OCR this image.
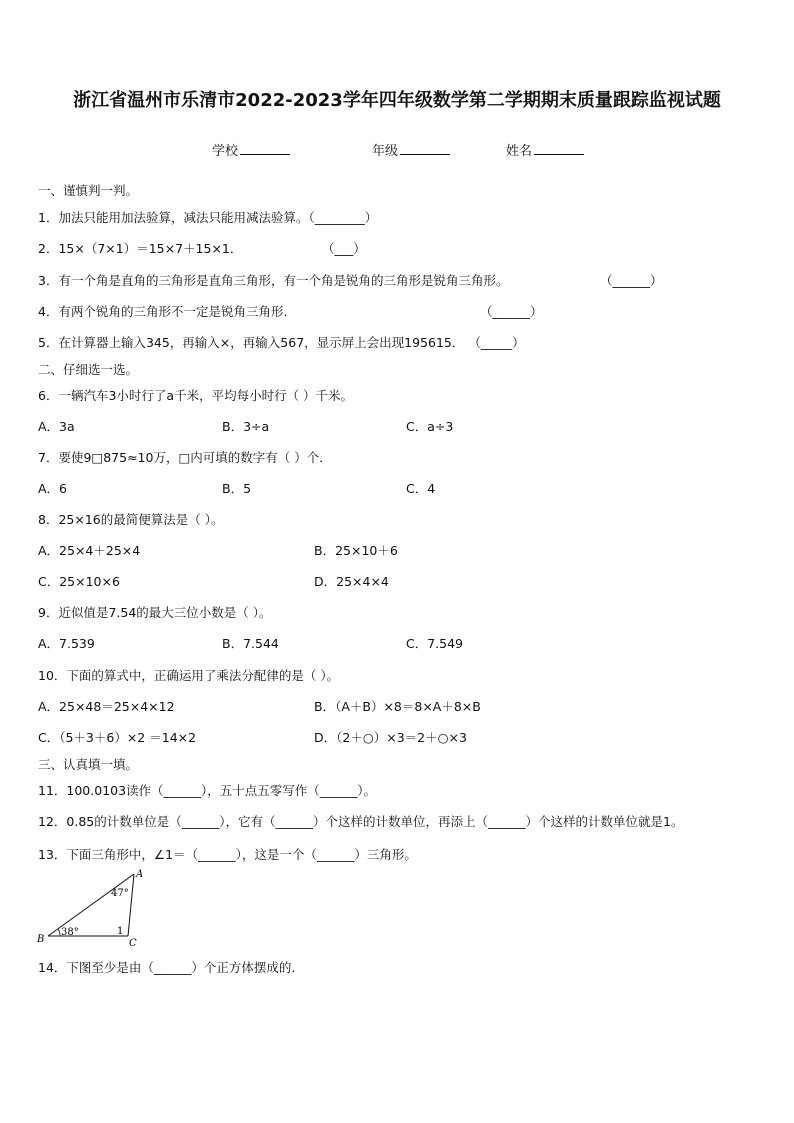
浙江省温州市乐清市2022-2023学年四年级数学第二学期期末质量跟踪监视试题
学校	年级	姓名
一、谨慎判一判。
1．加法只能用加法验算，减法只能用减法验算。（________）
2．15×（7×1）＝15×7＋15×1．	（___）
3．有一个角是直角的三角形是直角三角形，有一个角是锐角的三角形是锐角三角形。	（______）
4．有两个锐角的三角形不一定是锐角三角形．	（______）
5．在计算器上输入345，再输入×，再输入567，显示屏上会出现195615． （_____）
二、仔细选一选。
6．一辆汽车3小时行了a千米，平均每小时行（ ）千米。
A．3a	B．3÷a	C．a÷3
7．要使9□875≈10万，□内可填的数字有（ ）个．
A．6	B．5	C．4
8．25×16的最简便算法是（ ）。
A．25×4＋25×4	B．25×10＋6
C．25×10×6	D．25×4×4
9．近似值是7.54的最大三位小数是（ ）。
A．7.539	B．7.544	C．7.549
10．下面的算式中，正确运用了乘法分配律的是（ ）。
A．25×48＝25×4×12	B．（A＋B）×8＝8×A＋8×B
C．（5＋3＋6）×2 ＝14×2	D．（2＋○）×3＝2＋○×3
三、认真填一填。
11．100.0103读作（______），五十点五零写作（______）。
12．0.85的计数单位是（______），它有（______）个这样的计数单位，再添上（______）个这样的计数单位就是1。
13．下面三角形中，∠1＝（______），这是一个（______）三角形。
A
B	C
47°
38°	1
14．下图至少是由（______）个正方体摆成的.
